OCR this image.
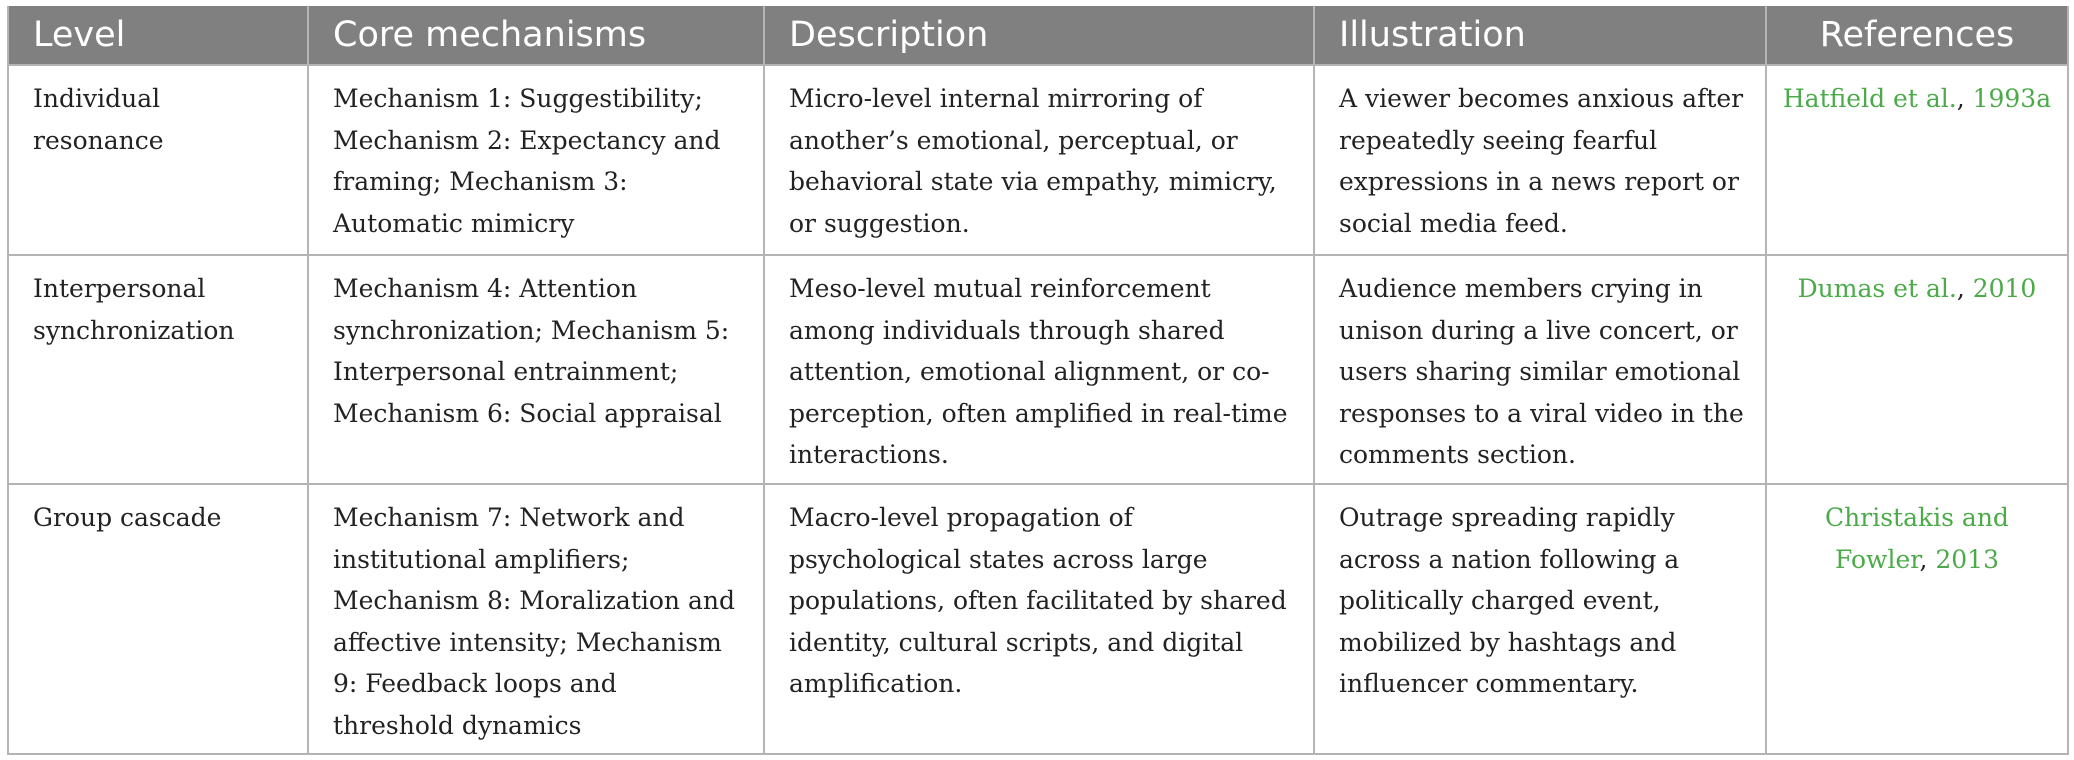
Level	Core mechanisms	Description	Illustration	References
Individual resonance	Mechanism 1: Suggestibility; Mechanism 2: Expectancy and framing; Mechanism 3: Automatic mimicry	Micro-level internal mirroring of another’s emotional, perceptual, or behavioral state via empathy, mimicry, or suggestion.	A viewer becomes anxious after repeatedly seeing fearful expressions in a news report or social media feed.	Hatfield et al., 1993a
Interpersonal synchronization	Mechanism 4: Attention synchronization; Mechanism 5: Interpersonal entrainment; Mechanism 6: Social appraisal	Meso-level mutual reinforcement among individuals through shared attention, emotional alignment, or co-perception, often amplified in real-time interactions.	Audience members crying in unison during a live concert, or users sharing similar emotional responses to a viral video in the comments section.	Dumas et al., 2010
Group cascade	Mechanism 7: Network and institutional amplifiers; Mechanism 8: Moralization and affective intensity; Mechanism 9: Feedback loops and threshold dynamics	Macro-level propagation of psychological states across large populations, often facilitated by shared identity, cultural scripts, and digital amplification.	Outrage spreading rapidly across a nation following a politically charged event, mobilized by hashtags and influencer commentary.	Christakis and Fowler, 2013
